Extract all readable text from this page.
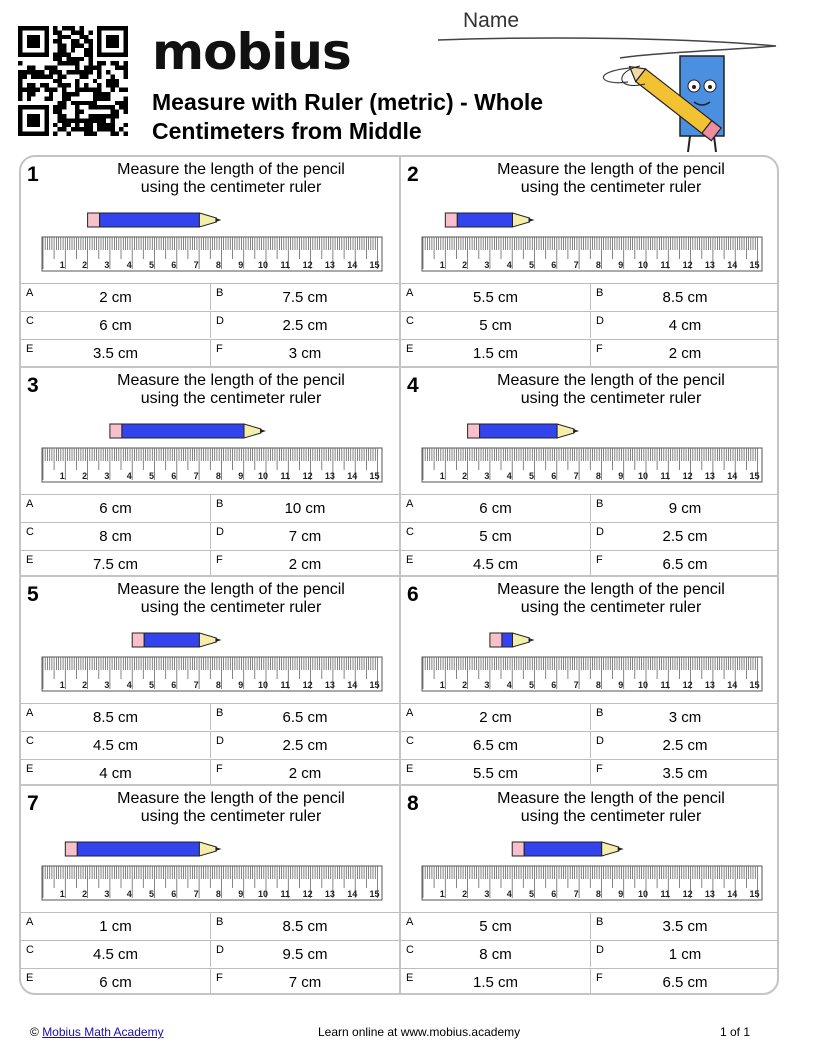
mobius
Measure with Ruler (metric) - Whole Centimeters from Middle
Name
1	Measure the length of the pencil
using the centimeter ruler
1 2 3 4 5 6 7 8 9 10 11 12 13 14 15
A	2 cm	B	7.5 cm
C	6 cm	D	2.5 cm
E	3.5 cm	F	3 cm
2	Measure the length of the pencil
using the centimeter ruler
1 2 3 4 5 6 7 8 9 10 11 12 13 14 15
A	5.5 cm	B	8.5 cm
C	5 cm	D	4 cm
E	1.5 cm	F	2 cm
3	Measure the length of the pencil
using the centimeter ruler
1 2 3 4 5 6 7 8 9 10 11 12 13 14 15
A	6 cm	B	10 cm
C	8 cm	D	7 cm
E	7.5 cm	F	2 cm
4	Measure the length of the pencil
using the centimeter ruler
1 2 3 4 5 6 7 8 9 10 11 12 13 14 15
A	6 cm	B	9 cm
C	5 cm	D	2.5 cm
E	4.5 cm	F	6.5 cm
5	Measure the length of the pencil
using the centimeter ruler
1 2 3 4 5 6 7 8 9 10 11 12 13 14 15
A	8.5 cm	B	6.5 cm
C	4.5 cm	D	2.5 cm
E	4 cm	F	2 cm
6	Measure the length of the pencil
using the centimeter ruler
1 2 3 4 5 6 7 8 9 10 11 12 13 14 15
A	2 cm	B	3 cm
C	6.5 cm	D	2.5 cm
E	5.5 cm	F	3.5 cm
7	Measure the length of the pencil
using the centimeter ruler
1 2 3 4 5 6 7 8 9 10 11 12 13 14 15
A	1 cm	B	8.5 cm
C	4.5 cm	D	9.5 cm
E	6 cm	F	7 cm
8	Measure the length of the pencil
using the centimeter ruler
1 2 3 4 5 6 7 8 9 10 11 12 13 14 15
A	5 cm	B	3.5 cm
C	8 cm	D	1 cm
E	1.5 cm	F	6.5 cm
© Mobius Math Academy	Learn online at www.mobius.academy	1 of 1
